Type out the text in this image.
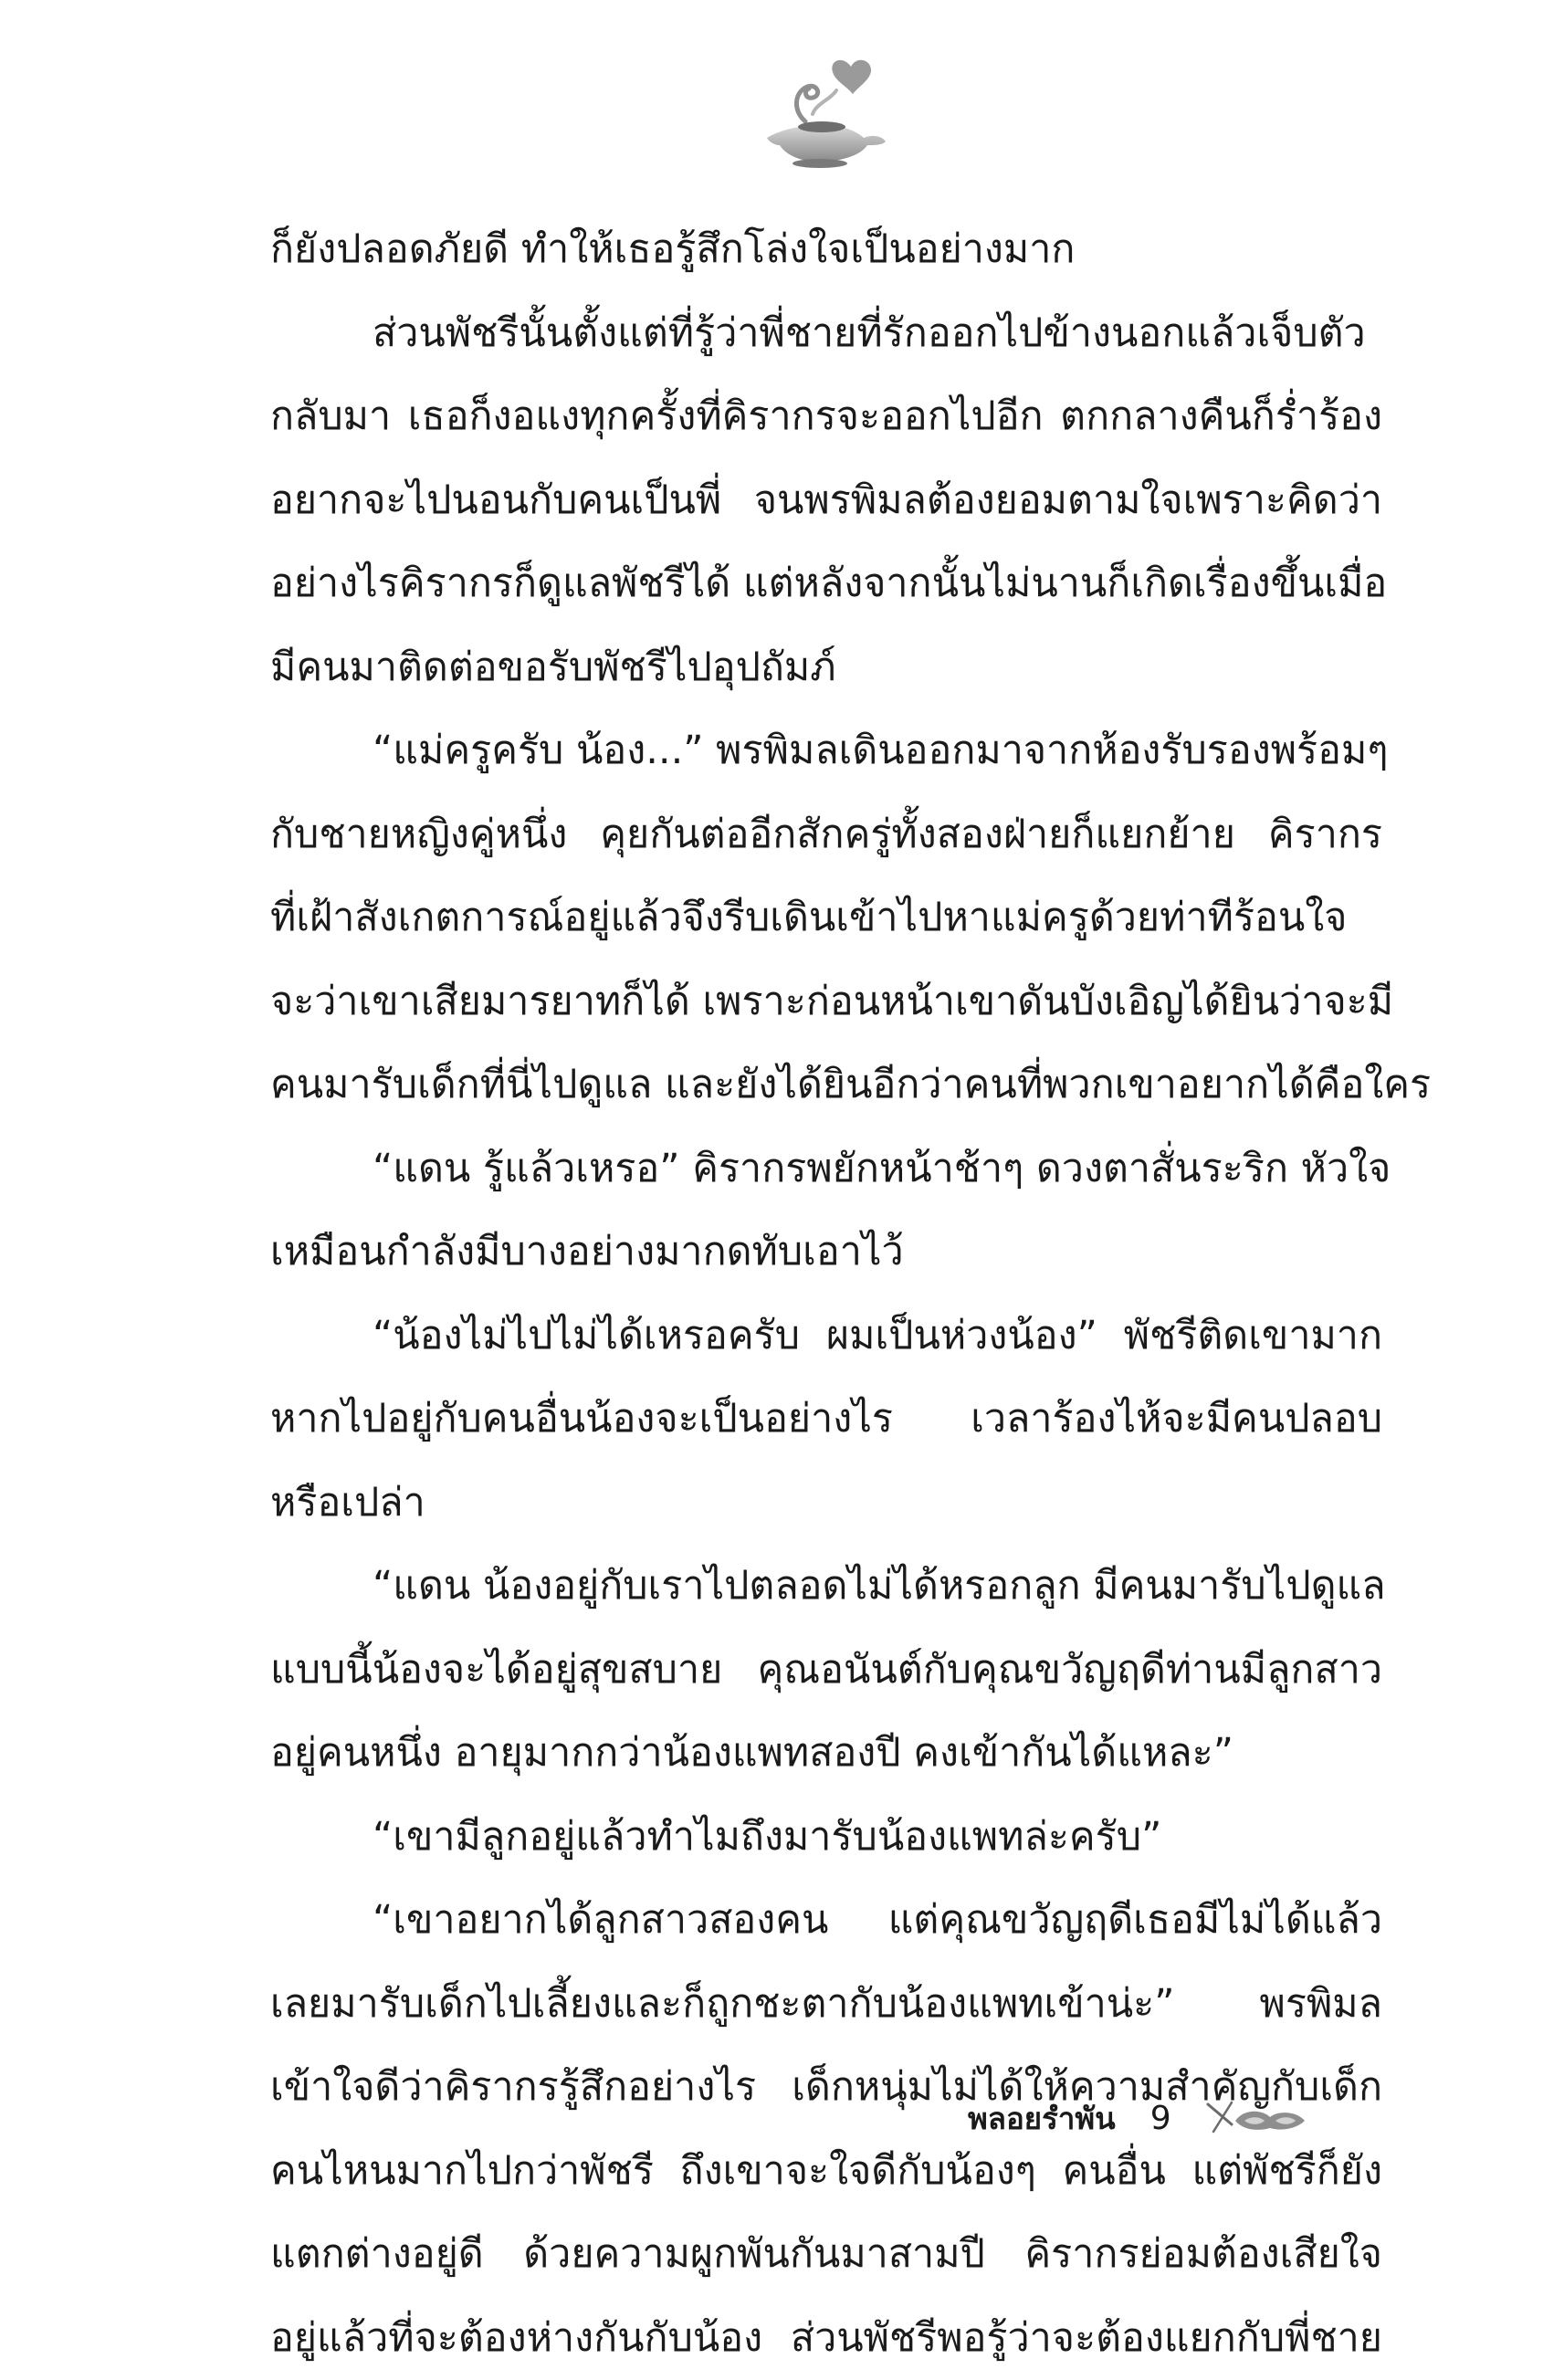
ก็ยังปลอดภัยดี ทำให้เธอรู้สึกโล่งใจเป็นอย่างมาก
ส่วนพัชรีนั้นตั้งแต่ที่รู้ว่าพี่ชายที่รักออกไปข้างนอกแล้วเจ็บตัว
กลับมา เธอก็งอแงทุกครั้งที่คิรากรจะออกไปอีก ตกกลางคืนก็ร่ำร้อง
อยากจะไปนอนกับคนเป็นพี่ จนพรพิมลต้องยอมตามใจเพราะคิดว่า
อย่างไรคิรากรก็ดูแลพัชรีได้ แต่หลังจากนั้นไม่นานก็เกิดเรื่องขึ้นเมื่อ
มีคนมาติดต่อขอรับพัชรีไปอุปถัมภ์
“แม่ครูครับ น้อง...” พรพิมลเดินออกมาจากห้องรับรองพร้อมๆ
กับชายหญิงคู่หนึ่ง คุยกันต่ออีกสักครู่ทั้งสองฝ่ายก็แยกย้าย คิรากร
ที่เฝ้าสังเกตการณ์อยู่แล้วจึงรีบเดินเข้าไปหาแม่ครูด้วยท่าทีร้อนใจ
จะว่าเขาเสียมารยาทก็ได้ เพราะก่อนหน้าเขาดันบังเอิญได้ยินว่าจะมี
คนมารับเด็กที่นี่ไปดูแล และยังได้ยินอีกว่าคนที่พวกเขาอยากได้คือใคร
“แดน รู้แล้วเหรอ” คิรากรพยักหน้าช้าๆ ดวงตาสั่นระริก หัวใจ
เหมือนกำลังมีบางอย่างมากดทับเอาไว้
“น้องไม่ไปไม่ได้เหรอครับ ผมเป็นห่วงน้อง” พัชรีติดเขามาก
หากไปอยู่กับคนอื่นน้องจะเป็นอย่างไร เวลาร้องไห้จะมีคนปลอบ
หรือเปล่า
“แดน น้องอยู่กับเราไปตลอดไม่ได้หรอกลูก มีคนมารับไปดูแล
แบบนี้น้องจะได้อยู่สุขสบาย คุณอนันต์กับคุณขวัญฤดีท่านมีลูกสาว
อยู่คนหนึ่ง อายุมากกว่าน้องแพทสองปี คงเข้ากันได้แหละ”
“เขามีลูกอยู่แล้วทำไมถึงมารับน้องแพทล่ะครับ”
“เขาอยากได้ลูกสาวสองคน แต่คุณขวัญฤดีเธอมีไม่ได้แล้ว
เลยมารับเด็กไปเลี้ยงและก็ถูกชะตากับน้องแพทเข้าน่ะ” พรพิมล
เข้าใจดีว่าคิรากรรู้สึกอย่างไร เด็กหนุ่มไม่ได้ให้ความสำคัญกับเด็ก
คนไหนมากไปกว่าพัชรี ถึงเขาจะใจดีกับน้องๆ คนอื่น แต่พัชรีก็ยัง
แตกต่างอยู่ดี ด้วยความผูกพันกันมาสามปี คิรากรย่อมต้องเสียใจ
อยู่แล้วที่จะต้องห่างกันกับน้อง ส่วนพัชรีพอรู้ว่าจะต้องแยกกับพี่ชาย
พลอยรำพัน 9
